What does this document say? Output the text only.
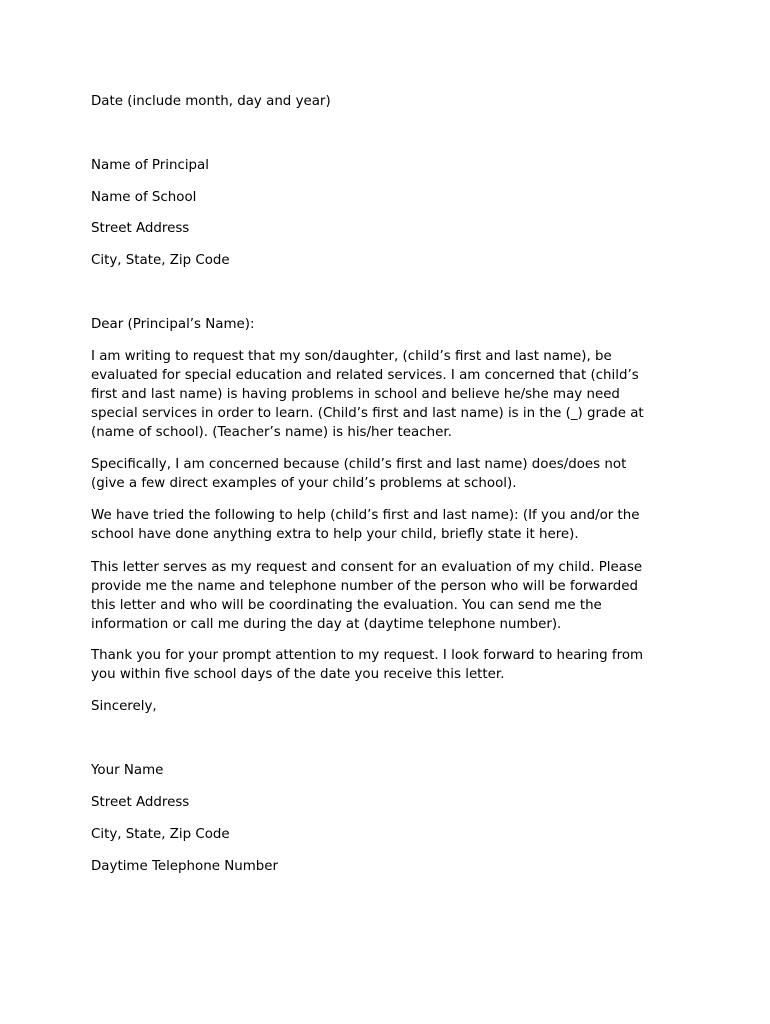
Date (include month, day and year)

Name of Principal

Name of School

Street Address

City, State, Zip Code

Dear (Principal’s Name):

I am writing to request that my son/daughter, (child’s first and last name), be
evaluated for special education and related services. I am concerned that (child’s
first and last name) is having problems in school and believe he/she may need
special services in order to learn. (Child’s first and last name) is in the (_) grade at
(name of school). (Teacher’s name) is his/her teacher.
Specifically, I am concerned because (child’s first and last name) does/does not
(give a few direct examples of your child’s problems at school).
We have tried the following to help (child’s first and last name): (If you and/or the
school have done anything extra to help your child, briefly state it here).
This letter serves as my request and consent for an evaluation of my child. Please
provide me the name and telephone number of the person who will be forwarded
this letter and who will be coordinating the evaluation. You can send me the
information or call me during the day at (daytime telephone number).
Thank you for your prompt attention to my request. I look forward to hearing from
you within five school days of the date you receive this letter.

Sincerely,

Your Name

Street Address

City, State, Zip Code

Daytime Telephone Number
